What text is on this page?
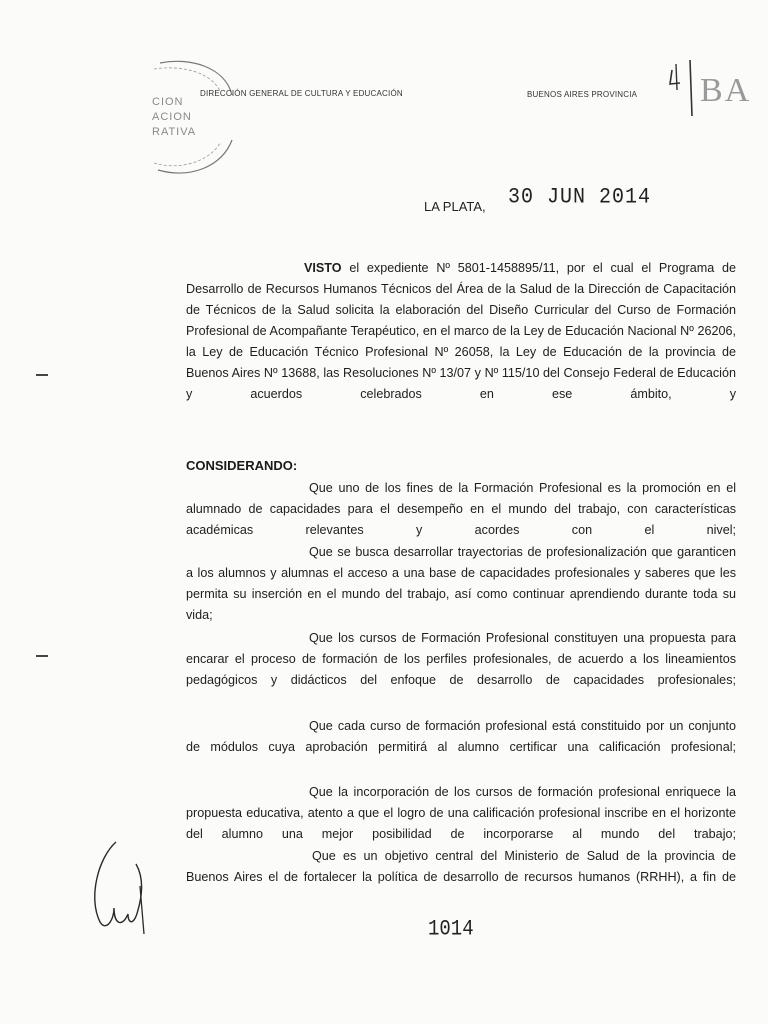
CION
ACION
RATIVA
DIRECCIÓN GENERAL DE CULTURA Y EDUCACIÓN	BUENOS AIRES PROVINCIA BA
LA PLATA, 30 JUN 2014

VISTO el expediente Nº 5801-1458895/11, por el cual el Programa de Desarrollo de Recursos Humanos Técnicos del Área de la Salud de la Dirección de Capacitación de Técnicos de la Salud solicita la elaboración del Diseño Curricular del Curso de Formación Profesional de Acompañante Terapéutico, en el marco de la Ley de Educación Nacional Nº 26206, la Ley de Educación Técnico Profesional Nº 26058, la Ley de Educación de la provincia de Buenos Aires Nº 13688, las Resoluciones Nº 13/07 y Nº 115/10 del Consejo Federal de Educación y acuerdos celebrados en ese ámbito, y

CONSIDERANDO:

Que uno de los fines de la Formación Profesional es la promoción en el alumnado de capacidades para el desempeño en el mundo del trabajo, con características académicas relevantes y acordes con el nivel;

Que se busca desarrollar trayectorias de profesionalización que garanticen a los alumnos y alumnas el acceso a una base de capacidades profesionales y saberes que les permita su inserción en el mundo del trabajo, así como continuar aprendiendo durante toda su vida;

Que los cursos de Formación Profesional constituyen una propuesta para encarar el proceso de formación de los perfiles profesionales, de acuerdo a los lineamientos pedagógicos y didácticos del enfoque de desarrollo de capacidades profesionales;

Que cada curso de formación profesional está constituido por un conjunto de módulos cuya aprobación permitirá al alumno certificar una calificación profesional;

Que la incorporación de los cursos de formación profesional enriquece la propuesta educativa, atento a que el logro de una calificación profesional inscribe en el horizonte del alumno una mejor posibilidad de incorporarse al mundo del trabajo;

Que es un objetivo central del Ministerio de Salud de la provincia de Buenos Aires el de fortalecer la política de desarrollo de recursos humanos (RRHH), a fin de

1014
